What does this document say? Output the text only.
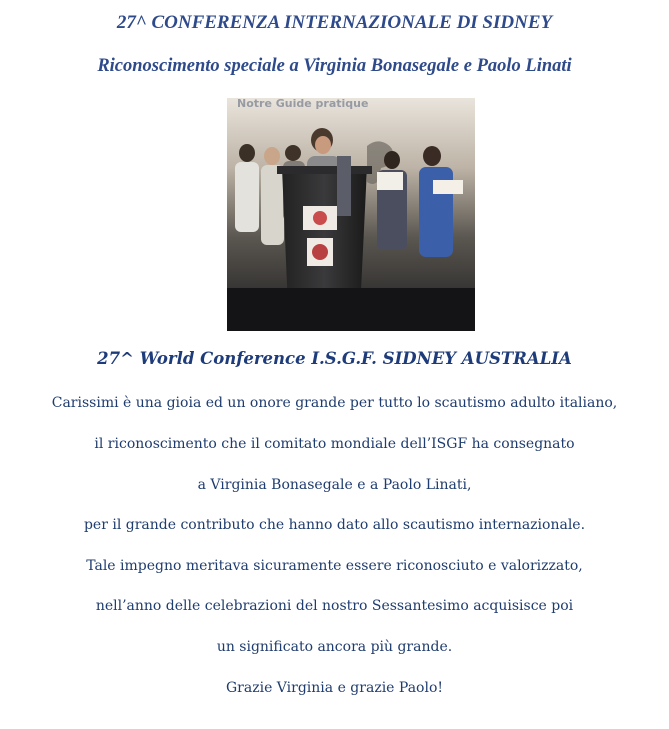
27^ CONFERENZA INTERNAZIONALE DI SIDNEY
Riconoscimento speciale a Virginia Bonasegale e Paolo Linati
Notre Guide pratique
27^ World Conference I.S.G.F. SIDNEY AUSTRALIA
Carissimi è una gioia ed un onore grande per tutto lo scautismo adulto italiano,
il riconoscimento che il comitato mondiale dell’ISGF ha consegnato
a Virginia Bonasegale e a Paolo Linati,
per il grande contributo che hanno dato allo scautismo internazionale.
Tale impegno meritava sicuramente essere riconosciuto e valorizzato,
nell’anno delle celebrazioni del nostro Sessantesimo acquisisce poi
un significato ancora più grande.
Grazie Virginia e grazie Paolo!
